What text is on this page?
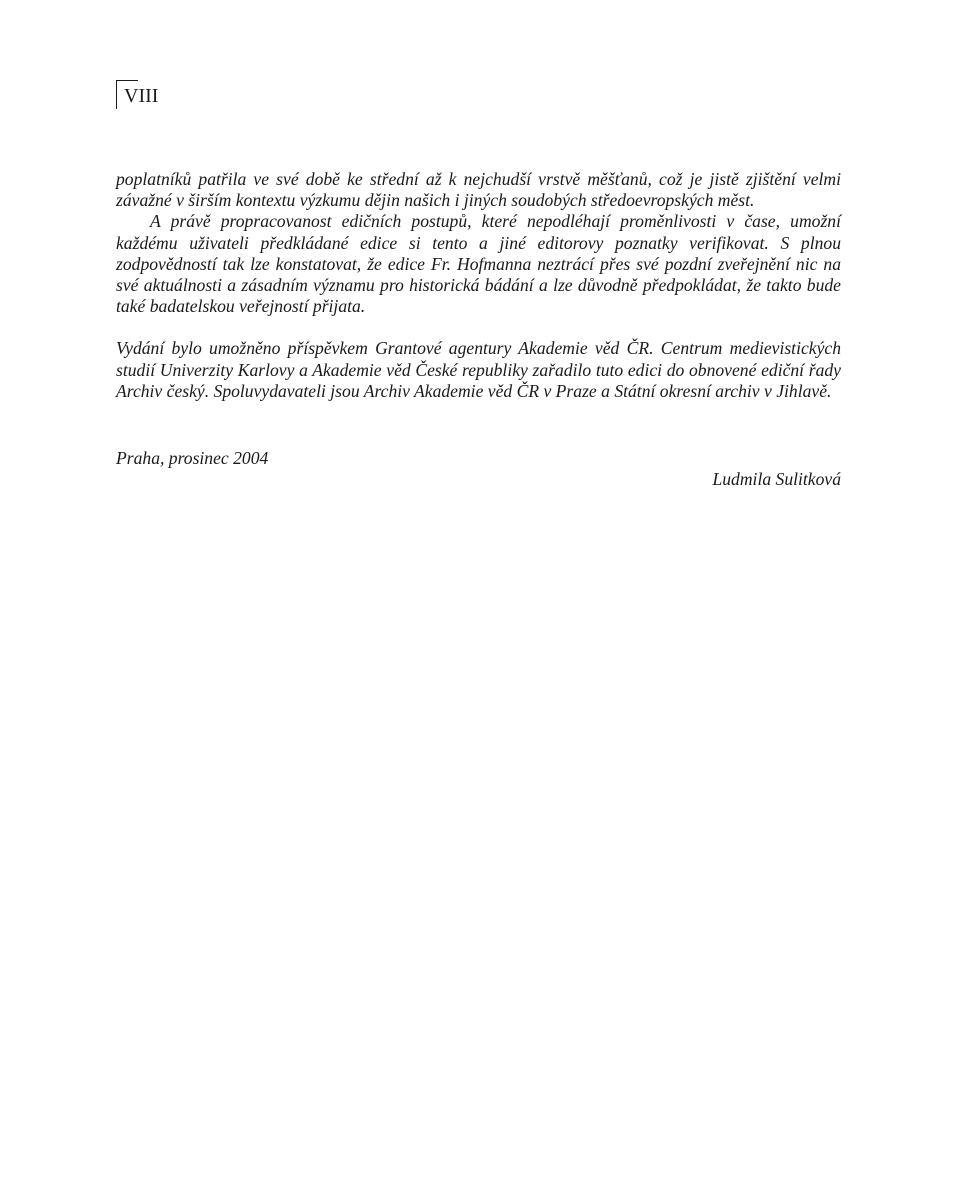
VIII

poplatníků patřila ve své době ke střední až k nejchudší vrstvě měšťanů, což je jistě zjištění velmi závažné v širším kontextu výzkumu dějin našich i jiných soudobých středoevropských měst.

A právě propracovanost edičních postupů, které nepodléhají proměnlivosti v čase, umožní každému uživateli předkládané edice si tento a jiné editorovy poznatky verifikovat. S plnou zodpovědností tak lze konstatovat, že edice Fr. Hofmanna neztrácí přes své pozdní zveřejnění nic na své aktuálnosti a zásadním významu pro historická bádání a lze důvodně předpokládat, že takto bude také badatelskou veřejností přijata.

Vydání bylo umožněno příspěvkem Grantové agentury Akademie věd ČR. Centrum medievistických studií Univerzity Karlovy a Akademie věd České republiky zařadilo tuto edici do obnovené ediční řady Archiv český. Spoluvydavateli jsou Archiv Akademie věd ČR v Praze a Státní okresní archiv v Jihlavě.

Praha, prosinec 2004
Ludmila Sulitková
